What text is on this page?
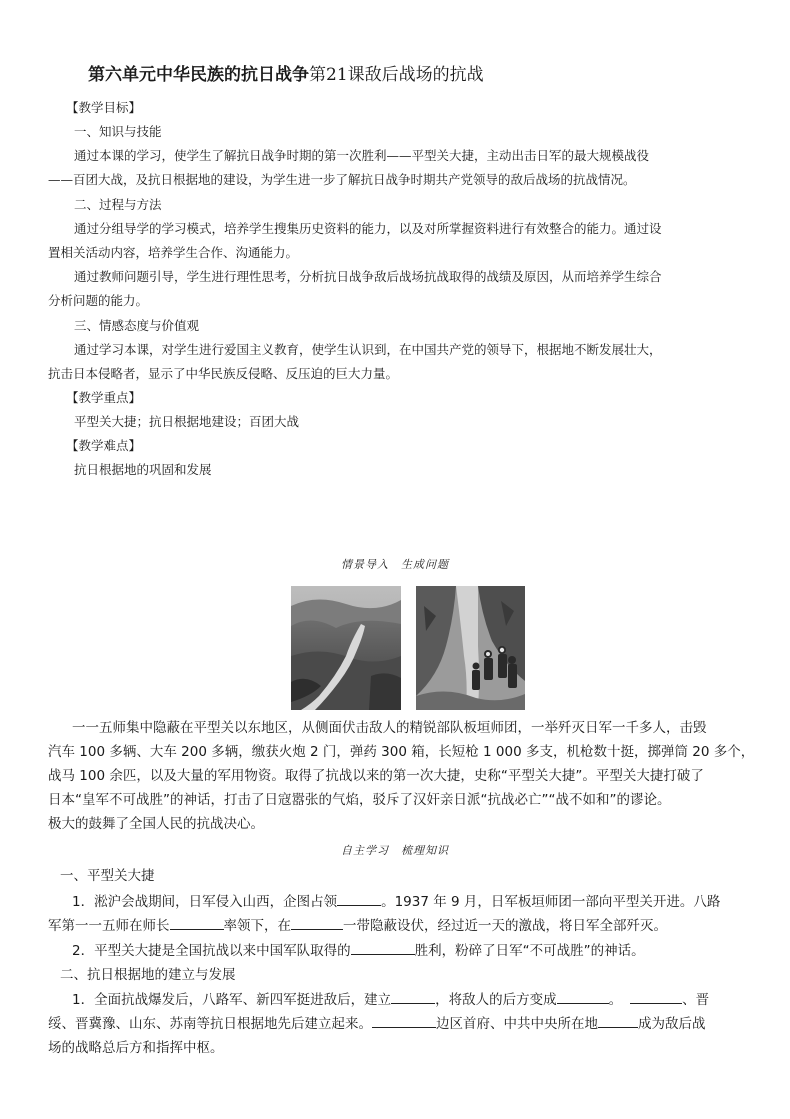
第六单元中华民族的抗日战争第21课敌后战场的抗战
【教学目标】
一、知识与技能
通过本课的学习，使学生了解抗日战争时期的第一次胜利——平型关大捷，主动出击日军的最大规模战役
——百团大战，及抗日根据地的建设，为学生进一步了解抗日战争时期共产党领导的敌后战场的抗战情况。
二、过程与方法
通过分组导学的学习模式，培养学生搜集历史资料的能力，以及对所掌握资料进行有效整合的能力。通过设
置相关活动内容，培养学生合作、沟通能力。
通过教师问题引导，学生进行理性思考，分析抗日战争敌后战场抗战取得的战绩及原因，从而培养学生综合
分析问题的能力。
三、情感态度与价值观
通过学习本课，对学生进行爱国主义教育，使学生认识到，在中国共产党的领导下，根据地不断发展壮大，
抗击日本侵略者，显示了中华民族反侵略、反压迫的巨大力量。
【教学重点】
平型关大捷；抗日根据地建设；百团大战
【教学难点】
抗日根据地的巩固和发展
情景导入　生成问题
一一五师集中隐蔽在平型关以东地区，从侧面伏击敌人的精锐部队板垣师团，一举歼灭日军一千多人，击毁
汽车 100 多辆、大车 200 多辆，缴获火炮 2 门，弹药 300 箱，长短枪 1 000 多支，机枪数十挺，掷弹筒 20 多个，
战马 100 余匹，以及大量的军用物资。取得了抗战以来的第一次大捷，史称“平型关大捷”。平型关大捷打破了
日本“皇军不可战胜”的神话，打击了日寇嚣张的气焰，驳斥了汉奸亲日派“抗战必亡”“战不如和”的谬论。
极大的鼓舞了全国人民的抗战决心。
自主学习　梳理知识
一、平型关大捷
1．淞沪会战期间，日军侵入山西，企图占领	。1937 年 9 月，日军板垣师团一部向平型关开进。八路
军第一一五师在师长	率领下，在	一带隐蔽设伏，经过近一天的激战，将日军全部歼灭。
2．平型关大捷是全国抗战以来中国军队取得的	胜利，粉碎了日军“不可战胜”的神话。
二、抗日根据地的建立与发展
1．全面抗战爆发后，八路军、新四军挺进敌后，建立	，将敌人的后方变成	。	、晋
绥、晋冀豫、山东、苏南等抗日根据地先后建立起来。	边区首府、中共中央所在地	成为敌后战
场的战略总后方和指挥中枢。
